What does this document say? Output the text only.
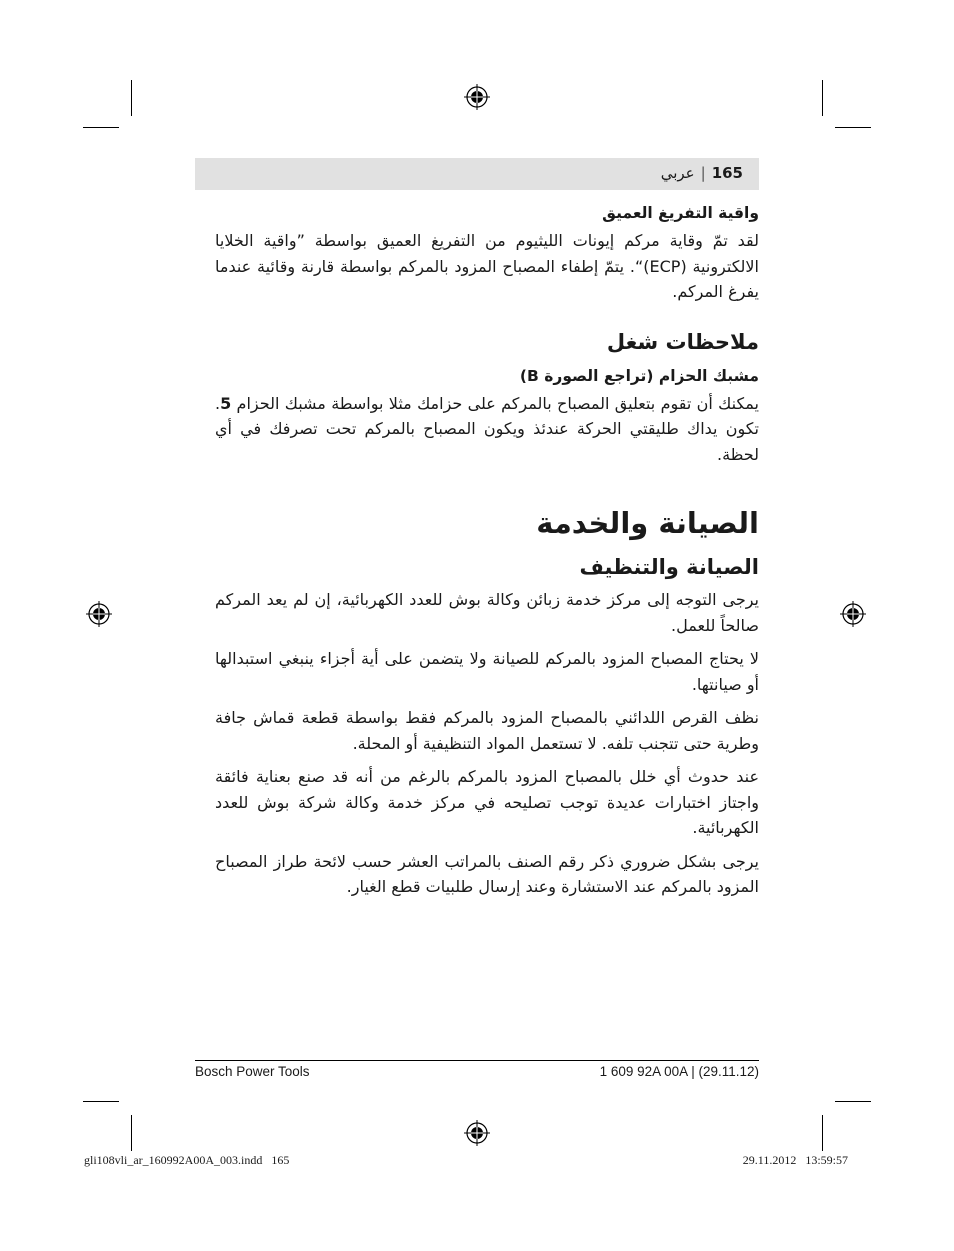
165
|
عربي
واقية التفريغ العميق

لقد تمّ وقاية مركم إيونات الليثيوم من التفريغ العميق بواسطة ”واقية الخلايا الالكترونية (ECP)“. يتمّ إطفاء المصباح المزود بالمركم بواسطة قارنة وقائية عندما يفرغ المركم.

ملاحظات شغل
مشبك الحزام (تراجع الصورة B)

يمكنك أن تقوم بتعليق المصباح بالمركم على حزامك مثلا بواسطة مشبك الحزام 5. تكون يداك طليقتي الحركة عندئذ ويكون المصباح بالمركم تحت تصرفك في أي لحظة.

الصيانة والخدمة
الصيانة والتنظيف

يرجى التوجه إلى مركز خدمة زبائن وكالة بوش للعدد الكهربائية، إن لم يعد المركم صالحاً للعمل.

لا يحتاج المصباح المزود بالمركم للصيانة ولا يتضمن على أية أجزاء ينبغي استبدالها أو صيانتها.

نظف القرص اللدائني بالمصباح المزود بالمركم فقط بواسطة قطعة قماش جافة وطرية حتى تتجنب تلفه. لا تستعمل المواد التنظيفية أو المحلة.

عند حدوث أي خلل بالمصباح المزود بالمركم بالرغم من أنه قد صنع بعناية فائقة واجتاز اختبارات عديدة توجب تصليحه في مركز خدمة وكالة شركة بوش للعدد الكهربائية.

يرجى بشكل ضروري ذكر رقم الصنف بالمراتب العشر حسب لائحة طراز المصباح المزود بالمركم عند الاستشارة وعند إرسال طلبيات قطع الغيار.

Bosch Power Tools	1 609 92A 00A | (29.11.12)
gli108vli_ar_160992A00A_003.indd   165	29.11.2012   13:59:57
